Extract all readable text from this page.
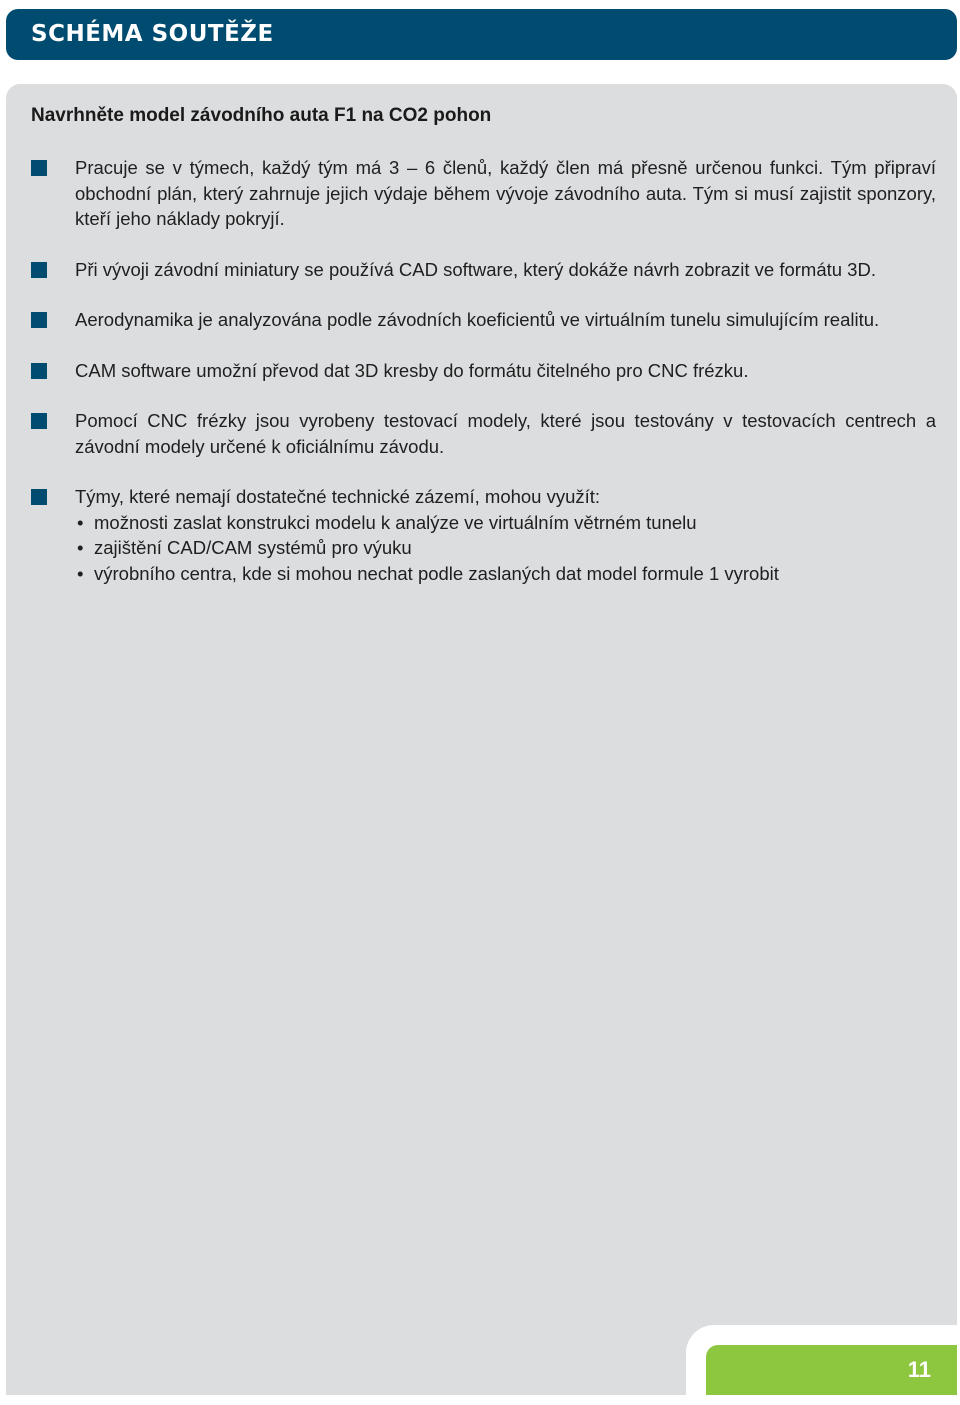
SCHÉMA SOUTĚŽE
Navrhněte model závodního auta F1 na CO2 pohon
Pracuje se v týmech, každý tým má 3 – 6 členů, každý člen má přesně určenou funkci. Tým připraví obchodní plán, který zahrnuje jejich výdaje během vývoje závodního auta. Tým si musí zajistit sponzory, kteří jeho náklady pokryjí.
Při vývoji závodní miniatury se používá CAD software, který dokáže návrh zobrazit ve formátu 3D.
Aerodynamika je analyzována podle závodních koeficientů ve virtuálním tunelu simulujícím realitu.
CAM software umožní převod dat 3D kresby do formátu čitelného pro CNC frézku.
Pomocí CNC frézky jsou vyrobeny testovací modely, které jsou testovány v testovacích centrech a závodní modely určené k oficiálnímu závodu.
Týmy, které nemají dostatečné technické zázemí, mohou využít:
• možnosti zaslat konstrukci modelu k analýze ve virtuálním větrném tunelu
• zajištění CAD/CAM systémů pro výuku
• výrobního centra, kde si mohou nechat podle zaslaných dat model formule 1 vyrobit
11
